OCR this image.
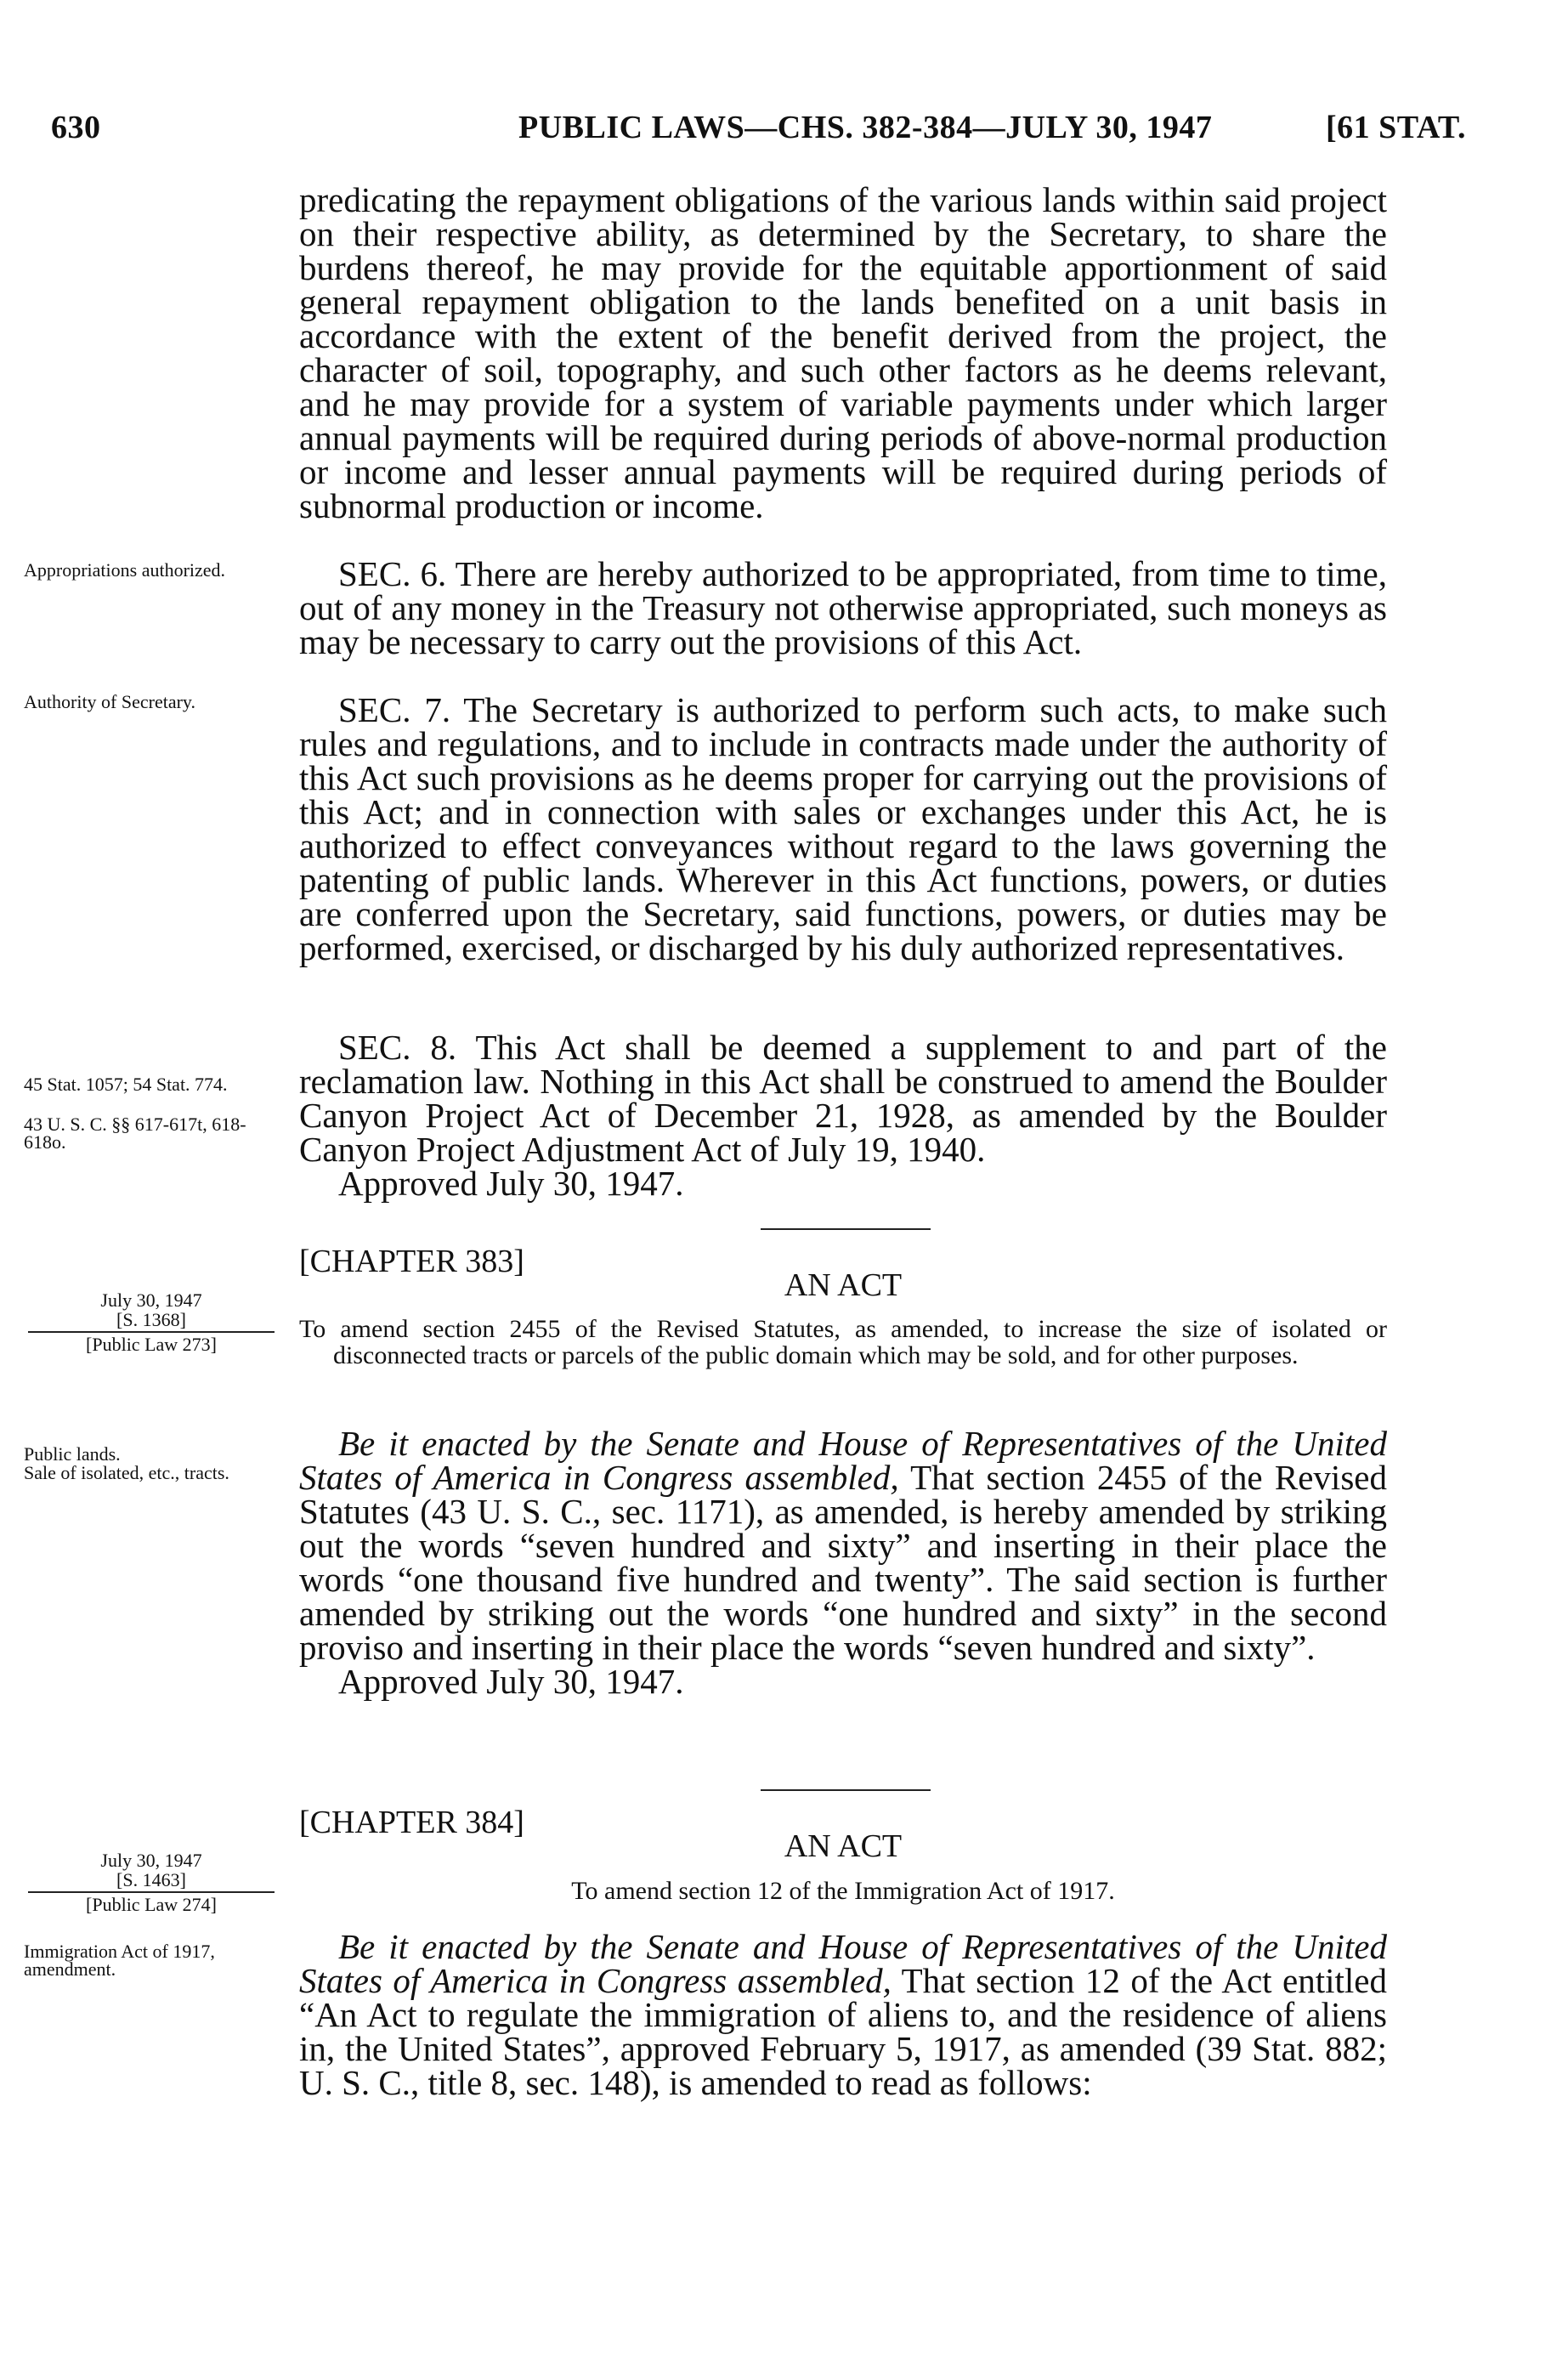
630	PUBLIC LAWS—CHS. 382-384—JULY 30, 1947	[61 STAT.

predicating the repayment obligations of the various lands within said project on their respective ability, as determined by the Secretary, to share the burdens thereof, he may provide for the equitable apportionment of said general repayment obligation to the lands benefited on a unit basis in accordance with the extent of the benefit derived from the project, the character of soil, topography, and such other factors as he deems relevant, and he may provide for a system of variable payments under which larger annual payments will be required during periods of above-normal production or income and lesser annual payments will be required during periods of subnormal production or income.

Appropriations authorized.	SEC. 6. There are hereby authorized to be appropriated, from time to time, out of any money in the Treasury not otherwise appropriated, such moneys as may be necessary to carry out the provisions of this Act.

Authority of Secretary.	SEC. 7. The Secretary is authorized to perform such acts, to make such rules and regulations, and to include in contracts made under the authority of this Act such provisions as he deems proper for carrying out the provisions of this Act; and in connection with sales or exchanges under this Act, he is authorized to effect conveyances without regard to the laws governing the patenting of public lands. Wherever in this Act functions, powers, or duties are conferred upon the Secretary, said functions, powers, or duties may be performed, exercised, or discharged by his duly authorized representatives.

45 Stat. 1057; 54 Stat. 774.
43 U. S. C. §§ 617-617t, 618-618o.

SEC. 8. This Act shall be deemed a supplement to and part of the reclamation law. Nothing in this Act shall be construed to amend the Boulder Canyon Project Act of December 21, 1928, as amended by the Boulder Canyon Project Adjustment Act of July 19, 1940.

Approved July 30, 1947.

[CHAPTER 383]
AN ACT
July 30, 1947
[S. 1368]
[Public Law 273]
To amend section 2455 of the Revised Statutes, as amended, to increase the size of isolated or disconnected tracts or parcels of the public domain which may be sold, and for other purposes.
Public lands.
Sale of isolated, etc., tracts.

Be it enacted by the Senate and House of Representatives of the United States of America in Congress assembled, That section 2455 of the Revised Statutes (43 U. S. C., sec. 1171), as amended, is hereby amended by striking out the words “seven hundred and sixty” and inserting in their place the words “one thousand five hundred and twenty”. The said section is further amended by striking out the words “one hundred and sixty” in the second proviso and inserting in their place the words “seven hundred and sixty”.

Approved July 30, 1947.

[CHAPTER 384]
AN ACT
July 30, 1947
[S. 1463]
[Public Law 274]	To amend section 12 of the Immigration Act of 1917.
Immigration Act of 1917, amendment.

Be it enacted by the Senate and House of Representatives of the United States of America in Congress assembled, That section 12 of the Act entitled “An Act to regulate the immigration of aliens to, and the residence of aliens in, the United States”, approved February 5, 1917, as amended (39 Stat. 882; U. S. C., title 8, sec. 148), is amended to read as follows:
